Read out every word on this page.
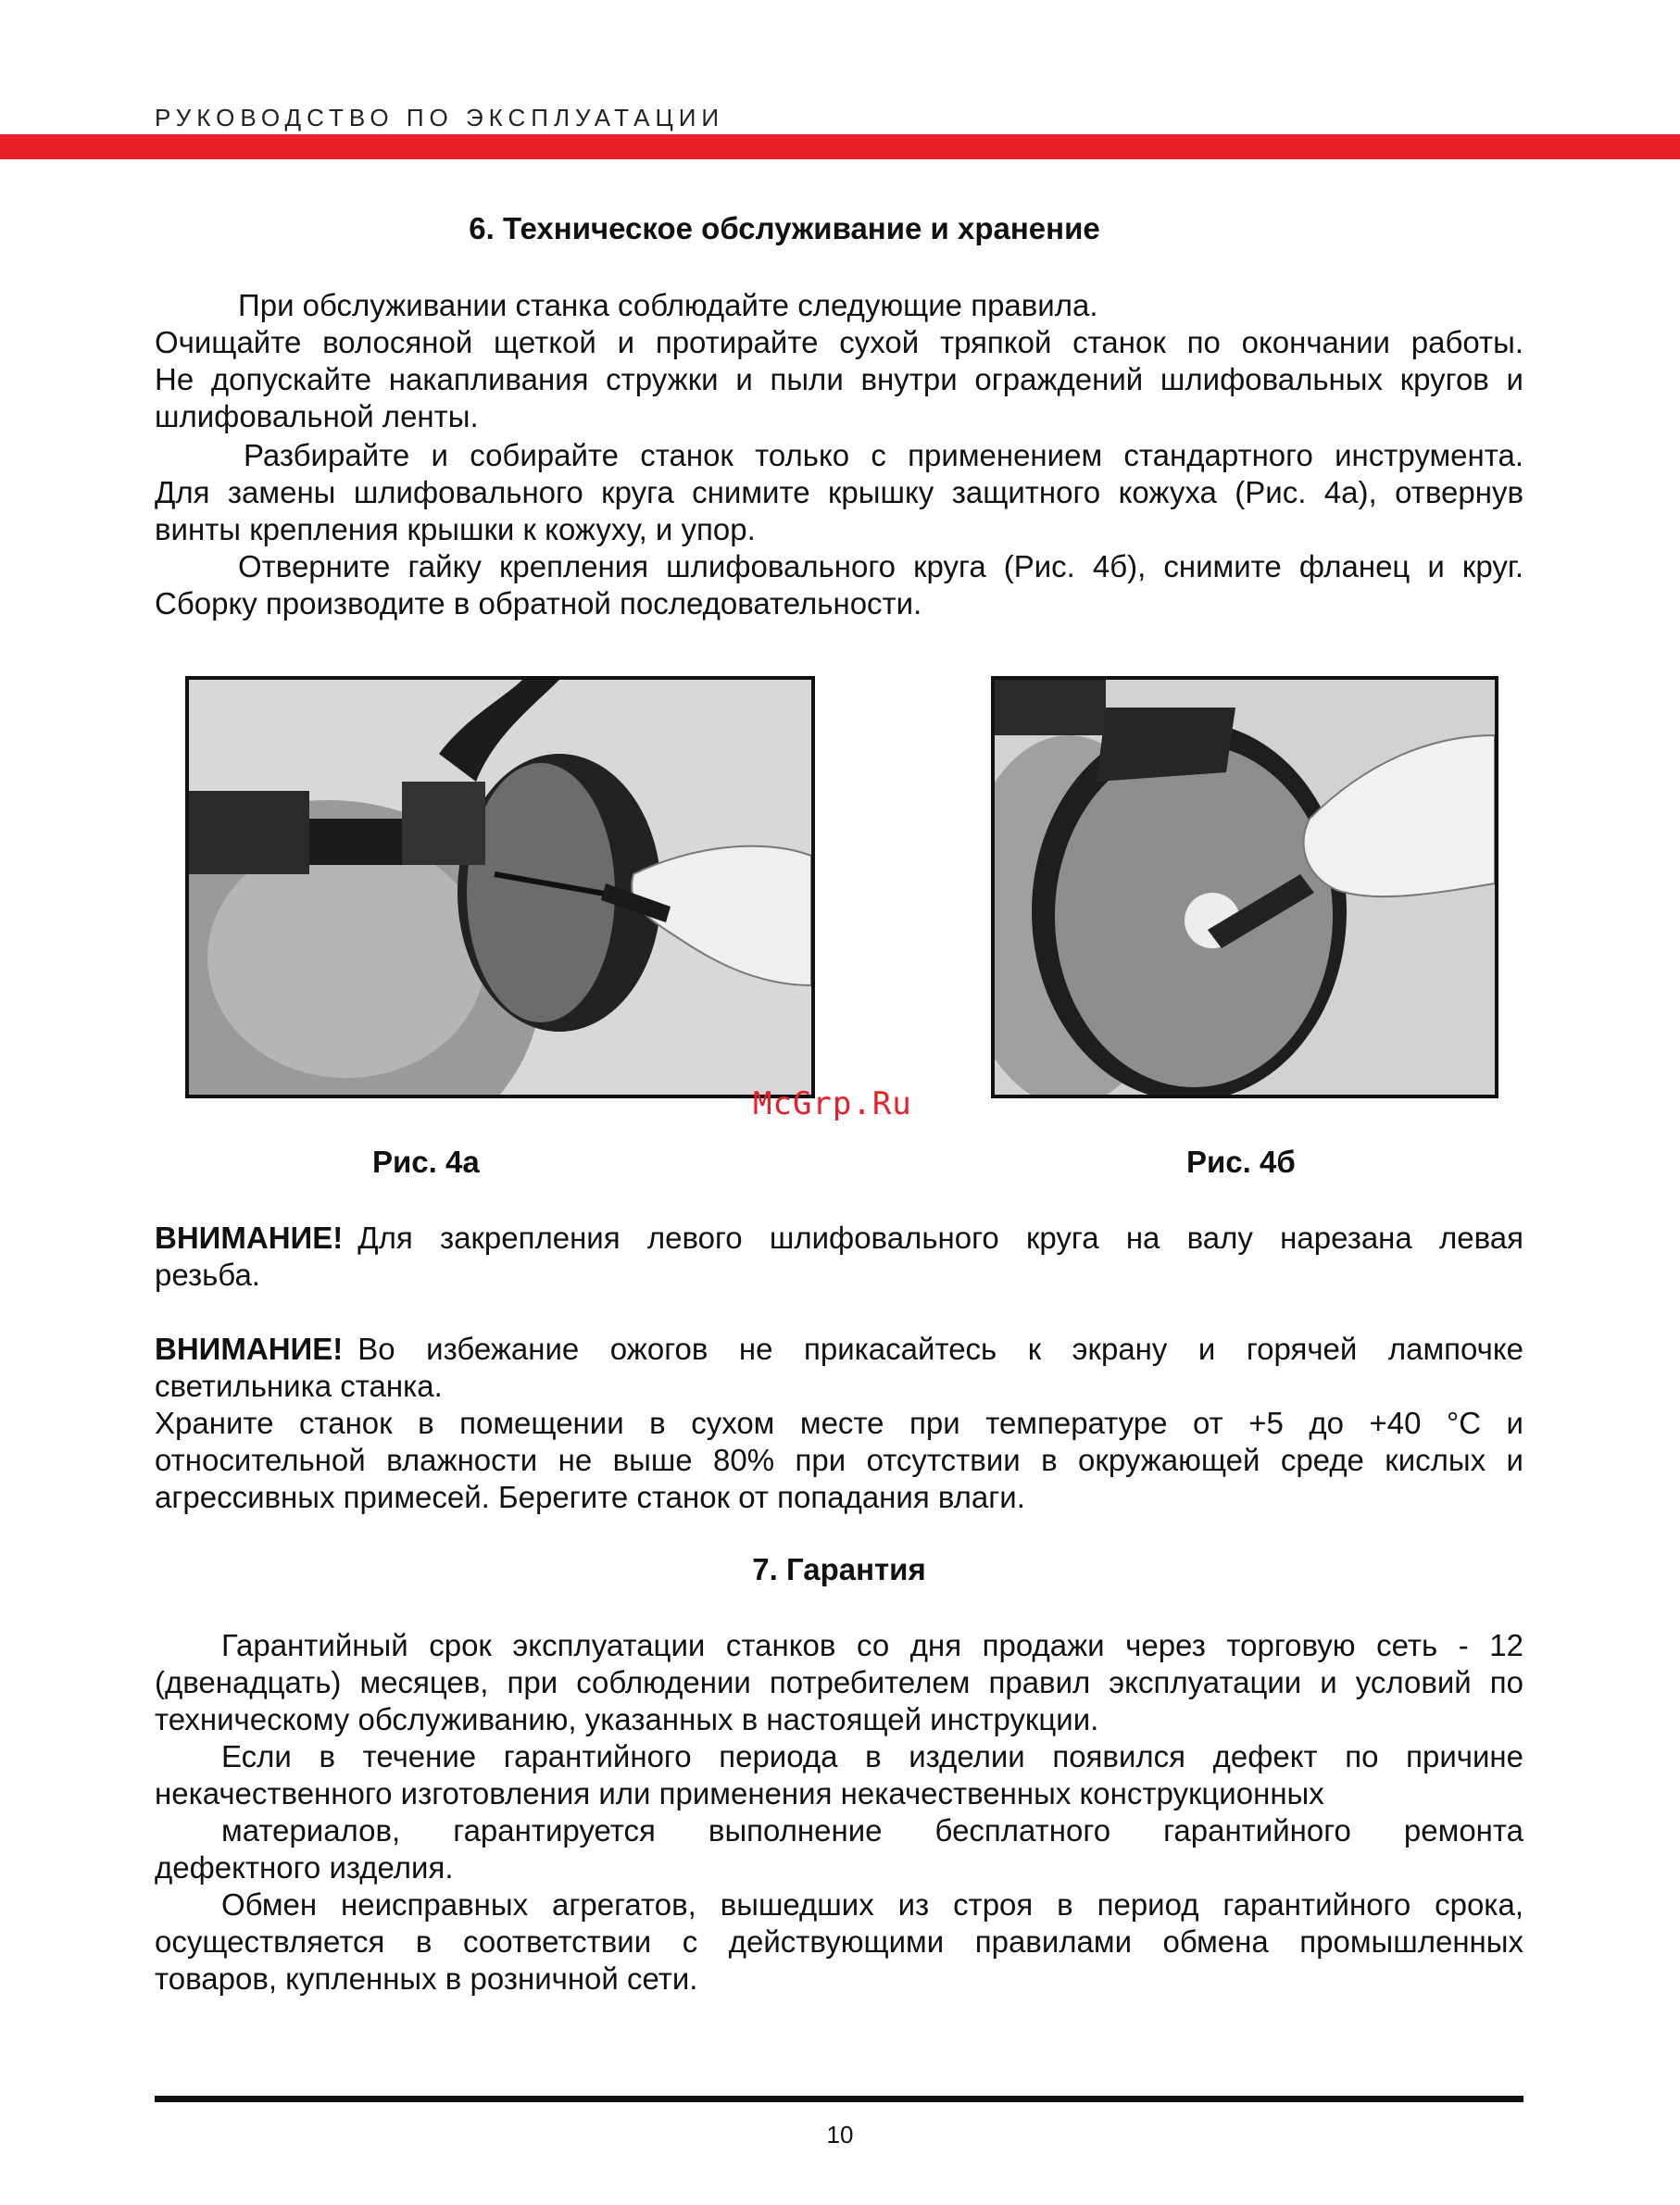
РУКОВОДСТВО ПО ЭКСПЛУАТАЦИИ
6. Техническое обслуживание и хранение
При обслуживании станка соблюдайте следующие правила.
Очищайте волосяной щеткой и протирайте сухой тряпкой станок по окончании работы.
Не допускайте накапливания стружки и пыли внутри ограждений шлифовальных кругов и
шлифовальной ленты.
Разбирайте и собирайте станок только с применением стандартного инструмента.
Для замены шлифовального круга снимите крышку защитного кожуха (Рис. 4а), отвернув
винты крепления крышки к кожуху, и упор.
Отверните гайку крепления шлифовального круга (Рис. 4б), снимите фланец и круг.
Сборку производите в обратной последовательности.
McGrp.Ru
Рис. 4а	Рис. 4б
ВНИМАНИЕ! Для закрепления левого шлифовального круга на валу нарезана левая
резьба.
ВНИМАНИЕ! Во избежание ожогов не прикасайтесь к экрану и горячей лампочке
светильника станка.
Храните станок в помещении в сухом месте при температуре от +5 до +40 °С и
относительной влажности не выше 80% при отсутствии в окружающей среде кислых и
агрессивных примесей. Берегите станок от попадания влаги.
7. Гарантия
Гарантийный срок эксплуатации станков со дня продажи через торговую сеть - 12
(двенадцать) месяцев, при соблюдении потребителем правил эксплуатации и условий по
техническому обслуживанию, указанных в настоящей инструкции.
Если в течение гарантийного периода в изделии появился дефект по причине
некачественного изготовления или применения некачественных конструкционных
материалов, гарантируется выполнение бесплатного гарантийного ремонта
дефектного изделия.
Обмен неисправных агрегатов, вышедших из строя в период гарантийного срока,
осуществляется в соответствии с действующими правилами обмена промышленных
товаров, купленных в розничной сети.
10
